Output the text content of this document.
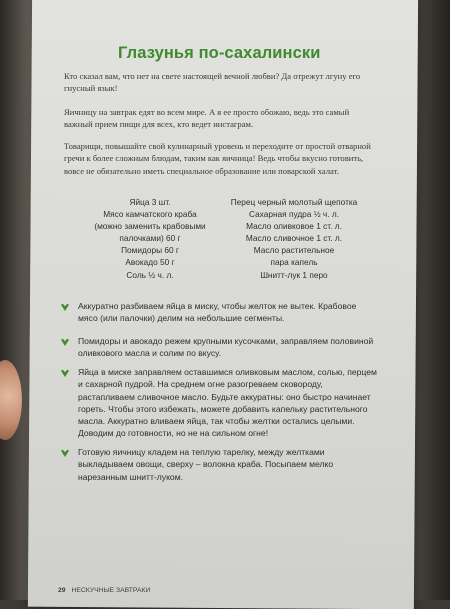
Глазунья по-сахалински

Кто сказал вам, что нет на свете настоящей вечной любви? Да отрежут лгуну его гнусный язык!

Яичницу на завтрак едят во всем мире. А я ее просто обожаю, ведь это самый важный прием пищи для всех, кто ведет инстаграм.

Товарищи, повышайте свой кулинарный уровень и переходите от простой отварной гречи к более сложным блюдам, таким как яичница! Ведь чтобы вкусно готовить, вовсе не обязательно иметь специальное образование или поварской халат.

Яйца 3 шт.
Мясо камчатского краба
(можно заменить крабовыми
палочками) 60 г
Помидоры 60 г
Авокадо 50 г
Соль ½ ч. л.
Перец черный молотый щепотка
Сахарная пудра ½ ч. л.
Масло оливковое 1 ст. л.
Масло сливочное 1 ст. л.
Масло растительное
пара капель
Шнитт-лук 1 перо

Аккуратно разбиваем яйца в миску, чтобы желток не вытек. Крабовое мясо (или палочки) делим на небольшие сегменты.

Помидоры и авокадо режем крупными кусочками, заправляем половиной оливкового масла и солим по вкусу.

Яйца в миске заправляем оставшимся оливковым маслом, солью, перцем и сахарной пудрой. На среднем огне разогреваем сковороду, растапливаем сливочное масло. Будьте аккуратны: оно быстро начинает гореть. Чтобы этого избежать, можете добавить капельку растительного масла. Аккуратно вливаем яйца, так чтобы желтки остались целыми. Доводим до готовности, но не на сильном огне!

Готовую яичницу кладем на теплую тарелку, между желтками выкладываем овощи, сверху – волокна краба. Посыпаем мелко нарезанным шнитт-луком.

29 НЕСКУЧНЫЕ ЗАВТРАКИ
